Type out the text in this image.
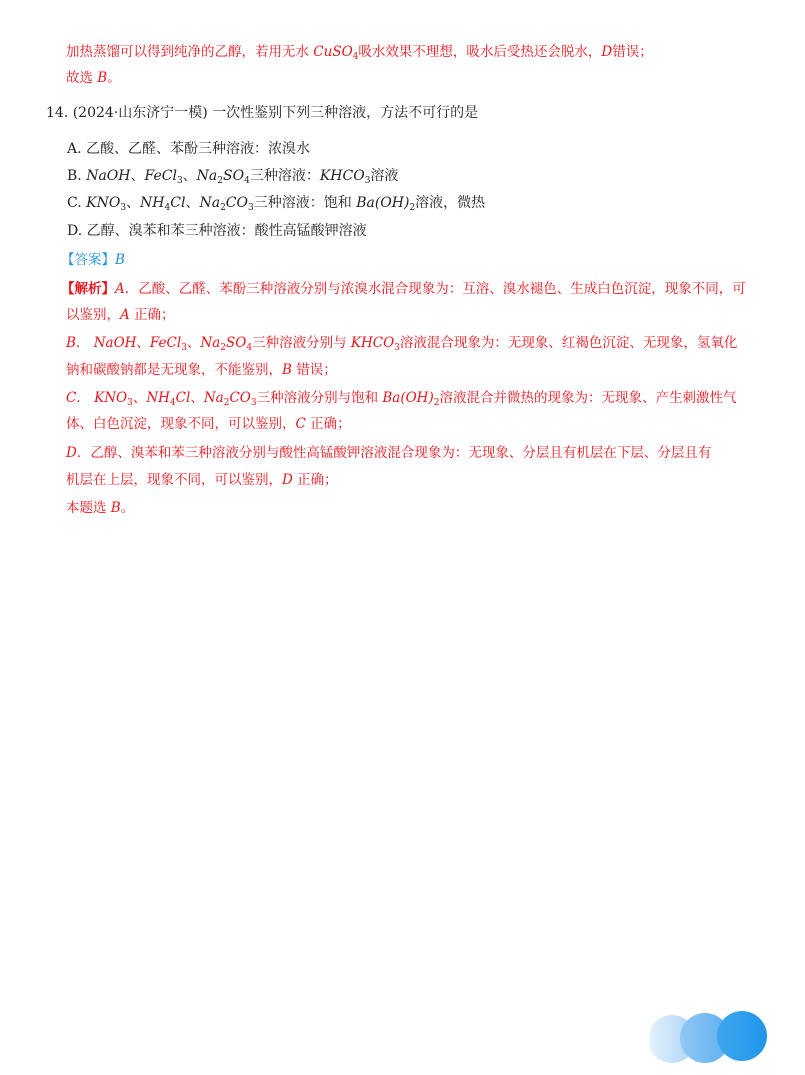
加热蒸馏可以得到纯净的乙醇，若用无水 CuSO$_4$吸水效果不理想，吸水后受热还会脱水，D错误；
故选 B。
14. (2024·山东济宁一模) 一次性鉴别下列三种溶液，方法不可行的是
A. 乙酸、乙醛、苯酚三种溶液：浓溴水
B. NaOH、FeCl$_3$、$Na_2SO_4$三种溶液：$KHCO_3$溶液
C. $KNO_3$、$NH_4Cl$、$Na_2CO_3$三种溶液：饱和 $Ba(OH)_2$溶液，微热
D. 乙醇、溴苯和苯三种溶液：酸性高锰酸钾溶液
【答案】B
【解析】A．乙酸、乙醛、苯酚三种溶液分别与浓溴水混合现象为：互溶、溴水褪色、生成白色沉淀，现象不同，可
以鉴别，A 正确；
B． NaOH、FeCl$_3$、$Na_2SO_4$三种溶液分别与 $KHCO_3$溶液混合现象为：无现象、红褐色沉淀、无现象，氢氧化
钠和碳酸钠都是无现象，不能鉴别，B 错误；
C． $KNO_3$、$NH_4Cl$、$Na_2CO_3$三种溶液分别与饱和 $Ba(OH)_2$溶液混合并微热的现象为：无现象、产生刺激性气
体、白色沉淀，现象不同，可以鉴别，C 正确；
D．乙醇、溴苯和苯三种溶液分别与酸性高锰酸钾溶液混合现象为：无现象、分层且有机层在下层、分层且有
机层在上层，现象不同，可以鉴别，D 正确；
本题选 B。
